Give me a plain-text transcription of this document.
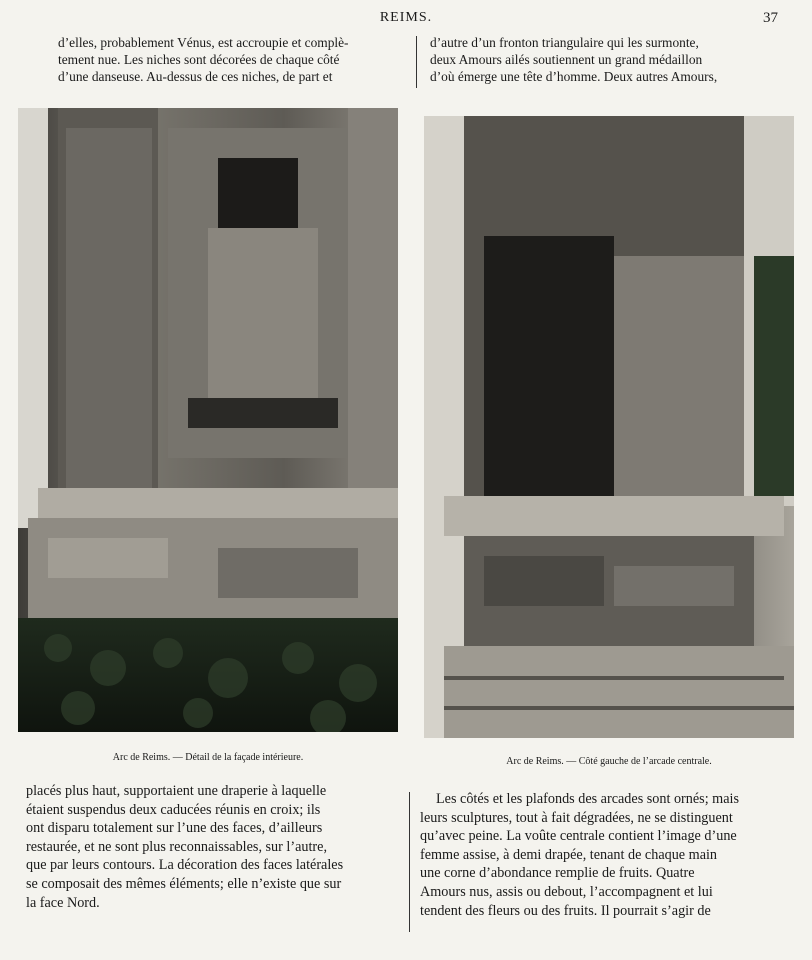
REIMS.	37
d’elles, probablement Vénus, est accroupie et complè-
tement nue. Les niches sont décorées de chaque côté
d’une danseuse. Au-dessus de ces niches, de part et
d’autre d’un fronton triangulaire qui les surmonte,
deux Amours ailés soutiennent un grand médaillon
d’où émerge une tête d’homme. Deux autres Amours,
Arc de Reims. — Détail de la façade intérieure.	Arc de Reims. — Côté gauche de l’arcade centrale.
placés plus haut, supportaient une draperie à laquelle
étaient suspendus deux caducées réunis en croix; ils
ont disparu totalement sur l’une des faces, d’ailleurs
restaurée, et ne sont plus reconnaissables, sur l’autre,
que par leurs contours. La décoration des faces latérales
se composait des mêmes éléments; elle n’existe que sur
la face Nord.
Les côtés et les plafonds des arcades sont ornés; mais
leurs sculptures, tout à fait dégradées, ne se distinguent
qu’avec peine. La voûte centrale contient l’image d’une
femme assise, à demi drapée, tenant de chaque main
une corne d’abondance remplie de fruits. Quatre
Amours nus, assis ou debout, l’accompagnent et lui
tendent des fleurs ou des fruits. Il pourrait s’agir de
